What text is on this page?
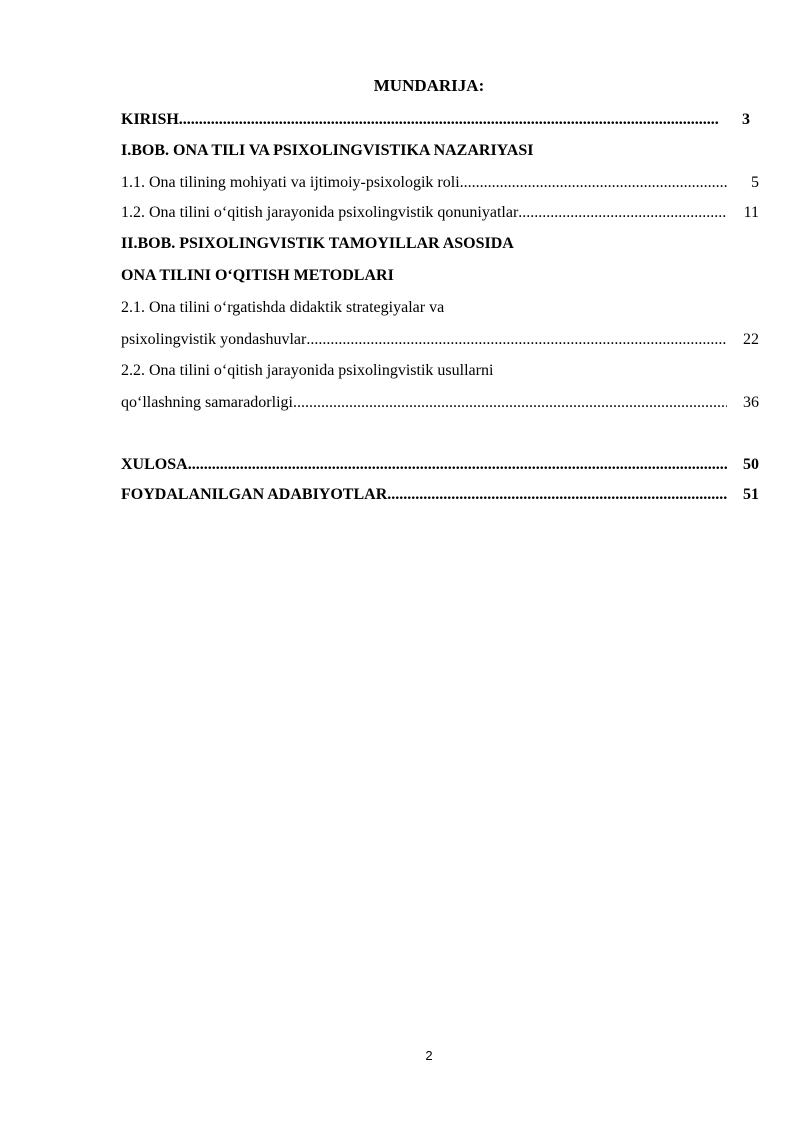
MUNDARIJA:
KIRISH .....	3
I.BOB. ONA TILI VA PSIXOLINGVISTIKA NAZARIYASI
1.1. Ona tilining mohiyati va ijtimoiy-psixologik roli .....	5
1.2. Ona tilini o‘qitish jarayonida psixolingvistik qonuniyatlar .....	11
II.BOB. PSIXOLINGVISTIK TAMOYILLAR ASOSIDA
ONA TILINI O‘QITISH METODLARI
2.1. Ona tilini o‘rgatishda didaktik strategiyalar va
psixolingvistik yondashuvlar .....	22
2.2. Ona tilini o‘qitish jarayonida psixolingvistik usullarni
qo‘llashning samaradorligi .....	36
XULOSA .....	50
FOYDALANILGAN ADABIYOTLAR .....	51
2
